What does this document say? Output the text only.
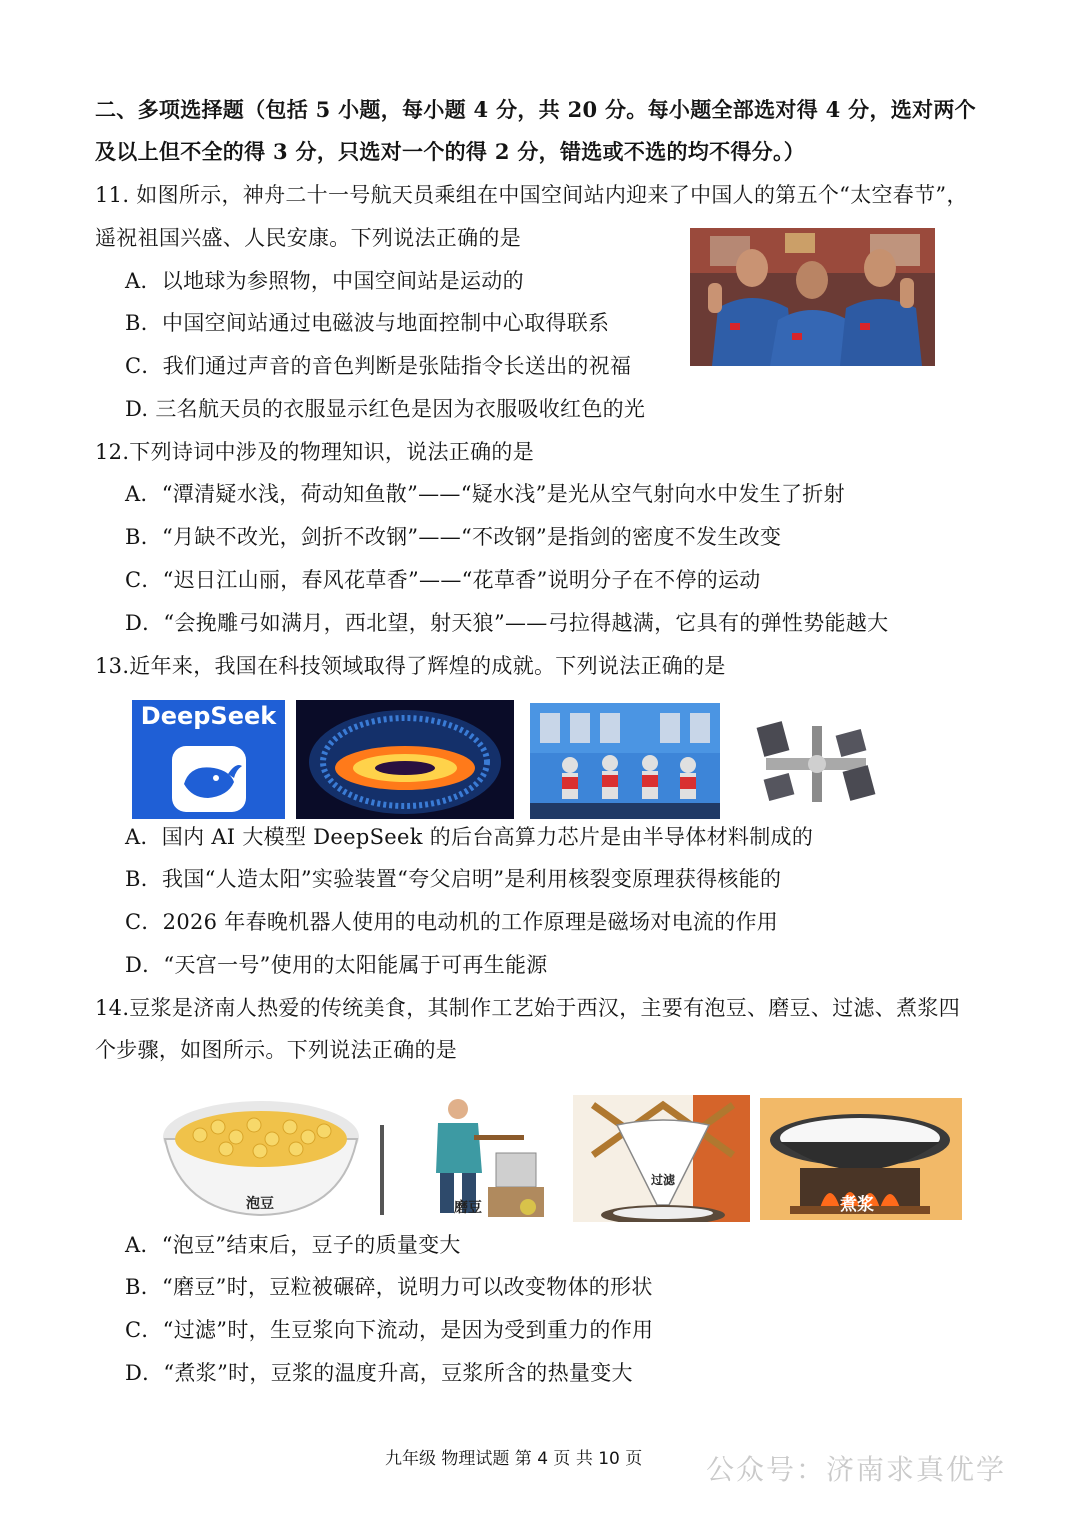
二、多项选择题（包括 5 小题，每小题 4 分，共 20 分。每小题全部选对得 4 分，选对两个
及以上但不全的得 3 分，只选对一个的得 2 分，错选或不选的均不得分。）
11. 如图所示，神舟二十一号航天员乘组在中国空间站内迎来了中国人的第五个“太空春节”，
遥祝祖国兴盛、人民安康。下列说法正确的是
A．以地球为参照物，中国空间站是运动的
B．中国空间站通过电磁波与地面控制中心取得联系
C．我们通过声音的音色判断是张陆指令长送出的祝福
D. 三名航天员的衣服显示红色是因为衣服吸收红色的光
12.下列诗词中涉及的物理知识，说法正确的是
A．“潭清疑水浅，荷动知鱼散”——“疑水浅”是光从空气射向水中发生了折射
B．“月缺不改光，剑折不改钢”——“不改钢”是指剑的密度不发生改变
C．“迟日江山丽，春风花草香”——“花草香”说明分子在不停的运动
D．“会挽雕弓如满月，西北望，射天狼”——弓拉得越满，它具有的弹性势能越大
13.近年来，我国在科技领域取得了辉煌的成就。下列说法正确的是
DeepSeek
A．国内 AI 大模型 DeepSeek 的后台高算力芯片是由半导体材料制成的
B．我国“人造太阳”实验装置“夸父启明”是利用核裂变原理获得核能的
C．2026 年春晚机器人使用的电动机的工作原理是磁场对电流的作用
D．“天宫一号”使用的太阳能属于可再生能源
14.豆浆是济南人热爱的传统美食，其制作工艺始于西汉，主要有泡豆、磨豆、过滤、煮浆四
个步骤，如图所示。下列说法正确的是
泡豆	磨豆
过滤
煮浆
A．“泡豆”结束后，豆子的质量变大
B．“磨豆”时，豆粒被碾碎，说明力可以改变物体的形状
C．“过滤”时，生豆浆向下流动，是因为受到重力的作用
D．“煮浆”时，豆浆的温度升高，豆浆所含的热量变大
九年级 物理试题 第 4 页 共 10 页 公众号：济南求真优学
